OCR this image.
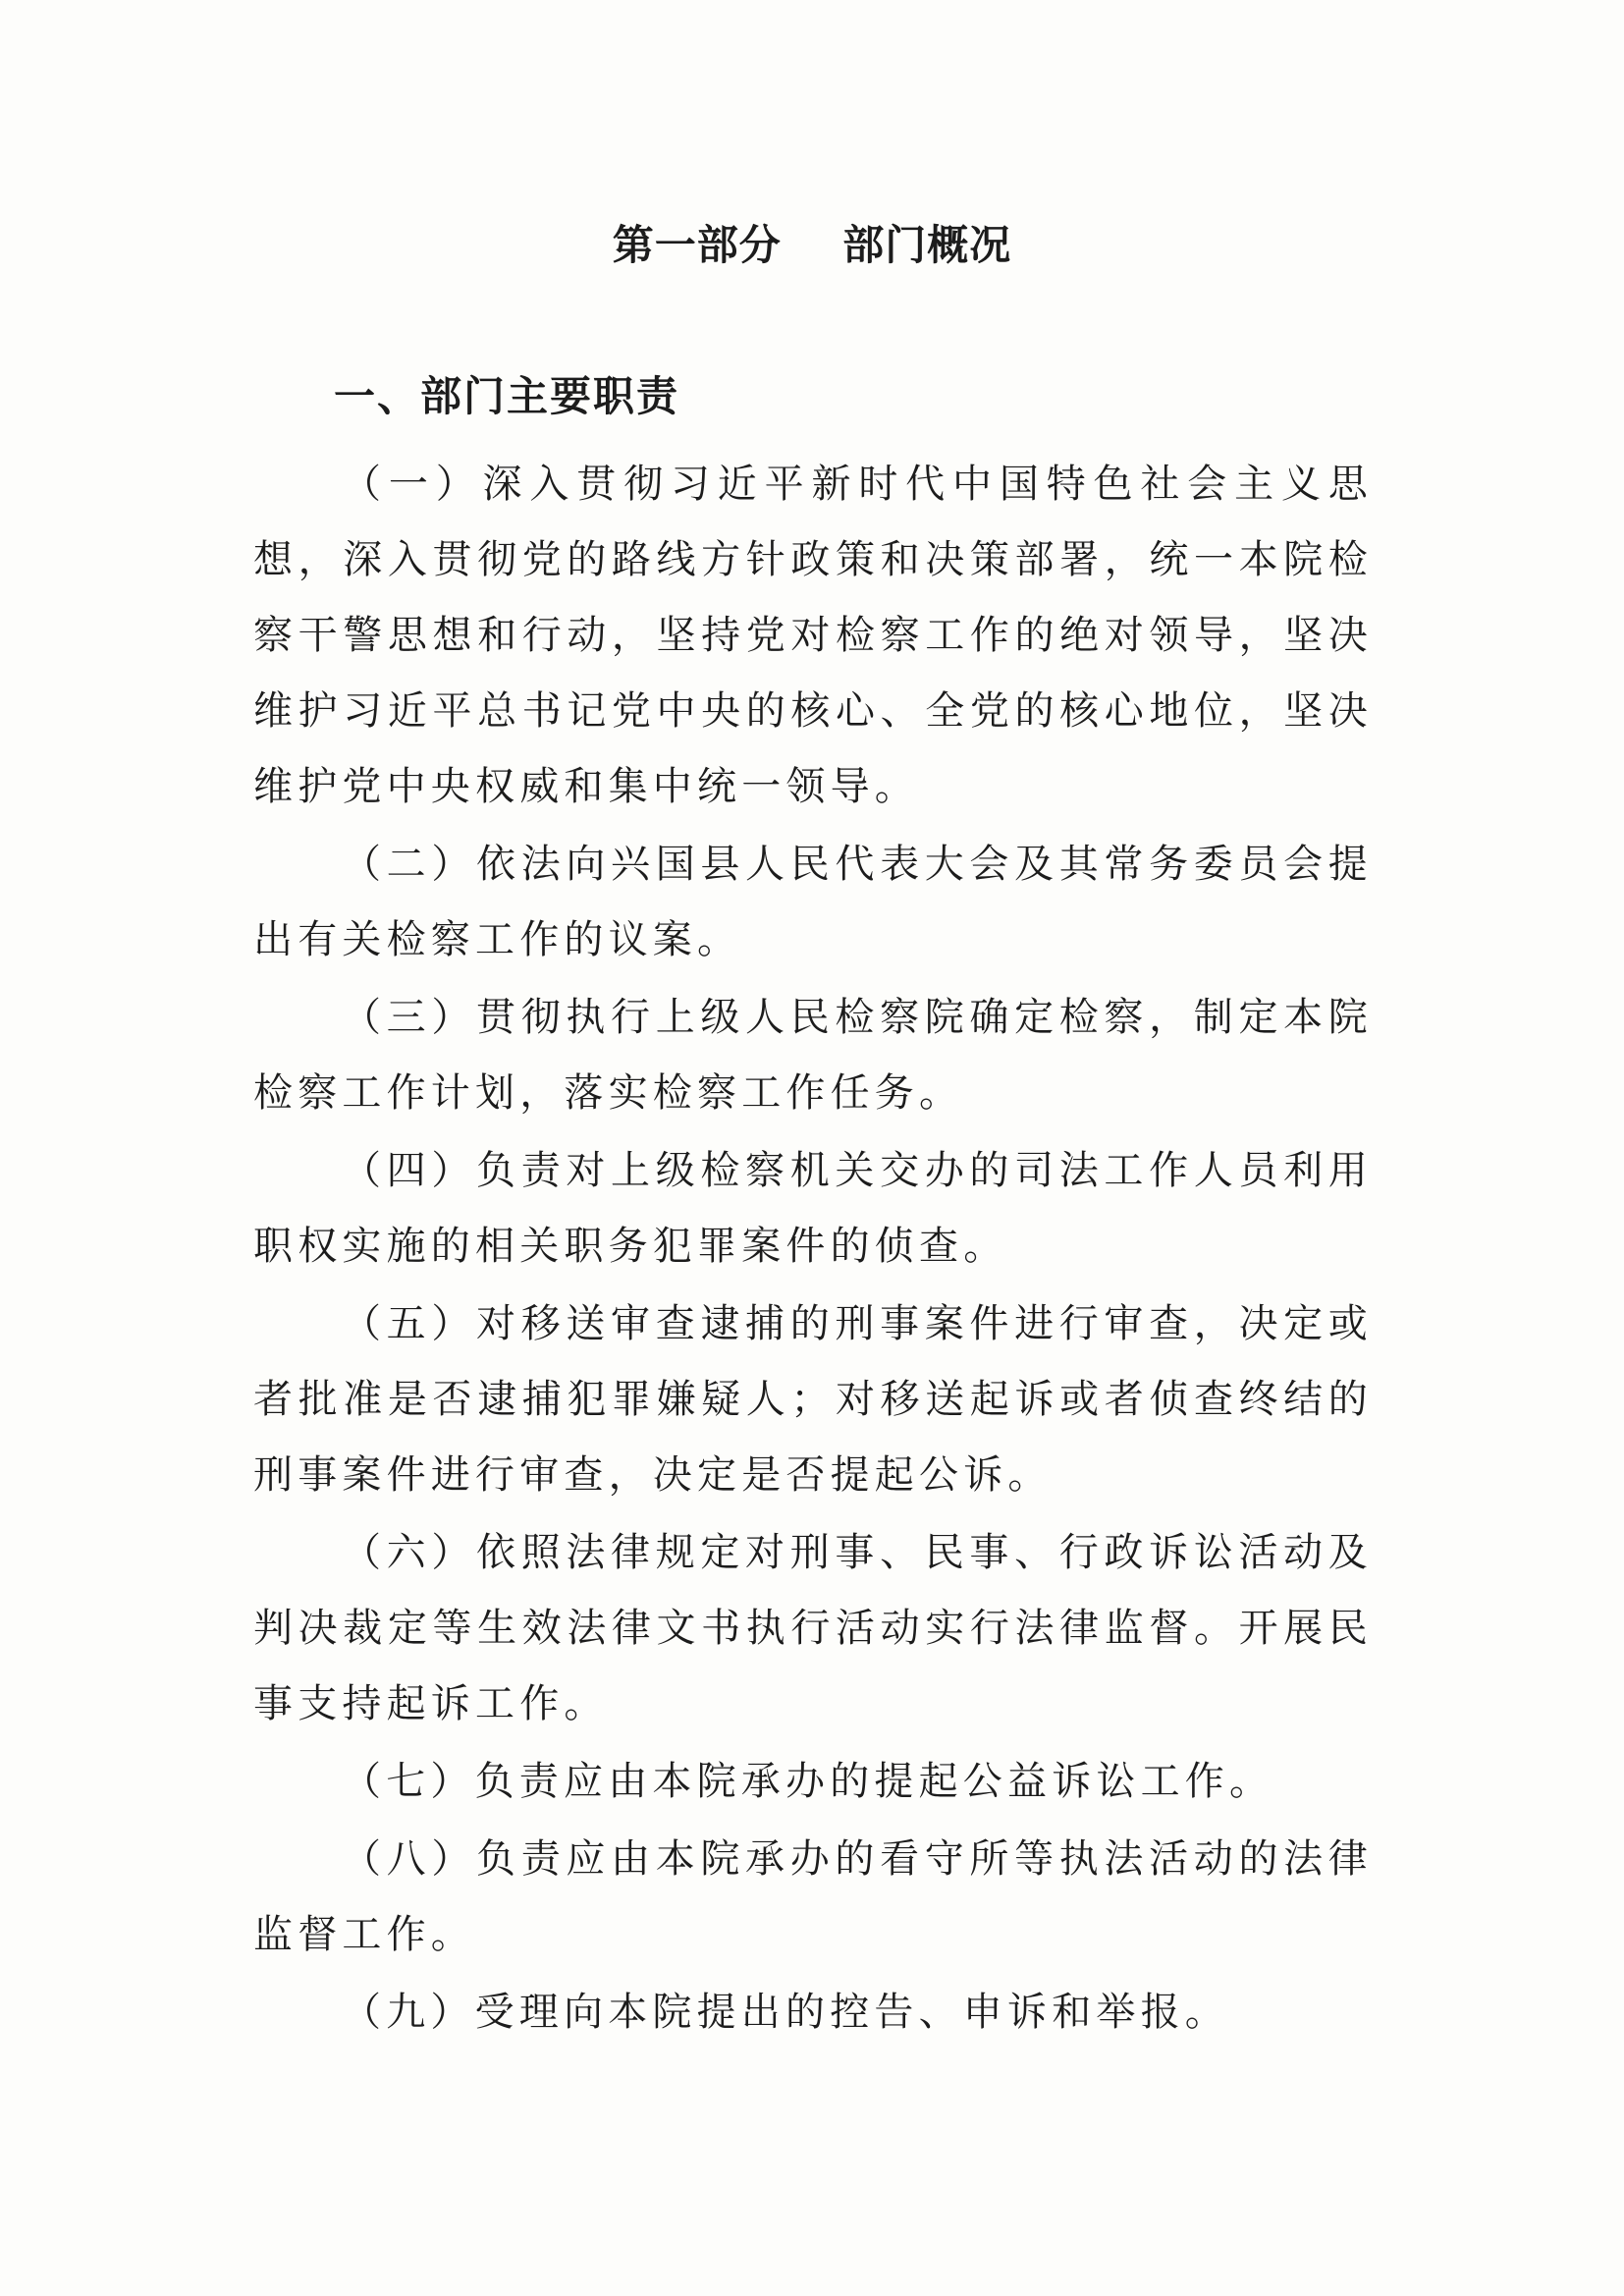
第一部分    部门概况
一、部门主要职责

（一）深入贯彻习近平新时代中国特色社会主义思想，深入贯彻党的路线方针政策和决策部署，统一本院检察干警思想和行动，坚持党对检察工作的绝对领导，坚决维护习近平总书记党中央的核心、全党的核心地位，坚决维护党中央权威和集中统一领导。

（二）依法向兴国县人民代表大会及其常务委员会提出有关检察工作的议案。

（三）贯彻执行上级人民检察院确定检察，制定本院检察工作计划，落实检察工作任务。

（四）负责对上级检察机关交办的司法工作人员利用职权实施的相关职务犯罪案件的侦查。

（五）对移送审查逮捕的刑事案件进行审查，决定或者批准是否逮捕犯罪嫌疑人；对移送起诉或者侦查终结的刑事案件进行审查，决定是否提起公诉。

（六）依照法律规定对刑事、民事、行政诉讼活动及判决裁定等生效法律文书执行活动实行法律监督。开展民事支持起诉工作。

（七）负责应由本院承办的提起公益诉讼工作。

（八）负责应由本院承办的看守所等执法活动的法律监督工作。

（九）受理向本院提出的控告、申诉和举报。
